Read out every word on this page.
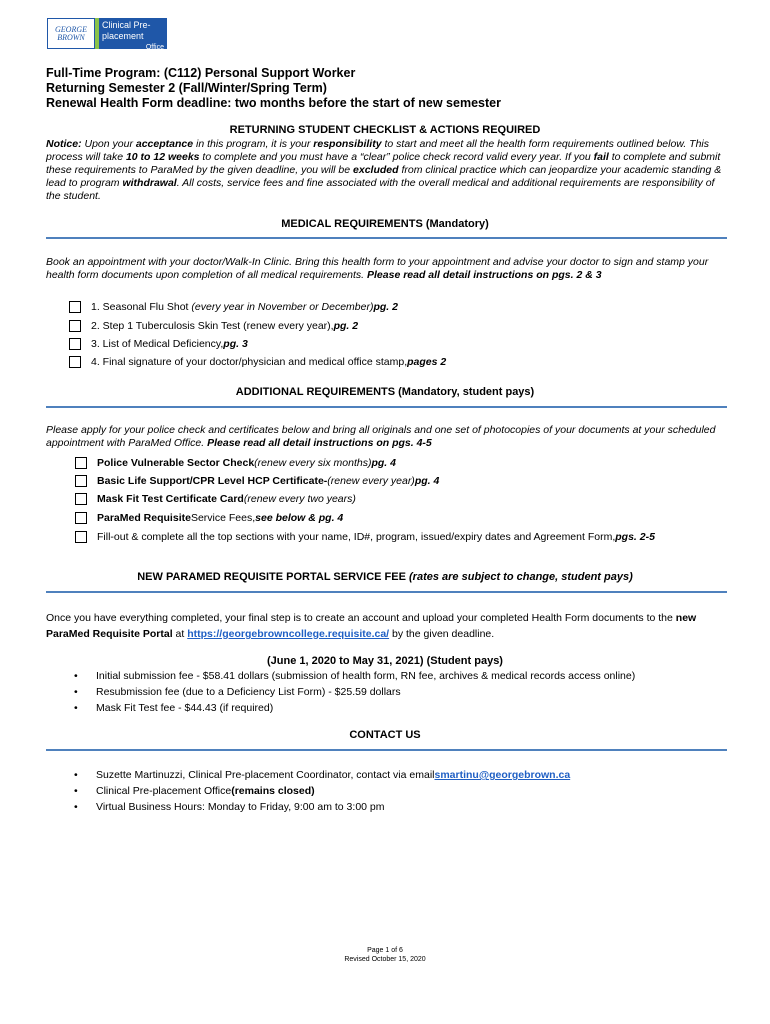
GEORGE BROWN
Clinical Pre-placement
Office
Full-Time Program: (C112) Personal Support Worker
Returning Semester 2 (Fall/Winter/Spring Term)
Renewal Health Form deadline: two months before the start of new semester
RETURNING STUDENT CHECKLIST & ACTIONS REQUIRED
Notice: Upon your acceptance in this program, it is your responsibility to start and meet all the health form requirements outlined below. This process will take 10 to 12 weeks to complete and you must have a “clear” police check record valid every year. If you fail to complete and submit these requirements to ParaMed by the given deadline, you will be excluded from clinical practice which can jeopardize your academic standing & lead to program withdrawal. All costs, service fees and fine associated with the overall medical and additional requirements are responsibility of the student.
MEDICAL REQUIREMENTS (Mandatory)
Book an appointment with your doctor/Walk-In Clinic. Bring this health form to your appointment and advise your doctor to sign and stamp your health form documents upon completion of all medical requirements. Please read all detail instructions on pgs. 2 & 3
1. Seasonal Flu Shot
(every year in November or December) pg. 2
2. Step 1 Tuberculosis Skin Test (renew every year), pg. 2
3. List of Medical Deficiency, pg. 3
4. Final signature of your doctor/physician and medical office stamp, pages 2
ADDITIONAL REQUIREMENTS (Mandatory, student pays)
Please apply for your police check and certificates below and bring all originals and one set of photocopies of your documents at your scheduled appointment with ParaMed Office. Please read all detail instructions on pgs. 4-5
Police Vulnerable Sector Check (renew every six months) pg. 4
Basic Life Support/CPR Level HCP Certificate- (renew every year) pg. 4
Mask Fit Test Certificate Card (renew every two years)
ParaMed Requisite Service Fees, see below & pg. 4
Fill-out & complete all the top sections with your name, ID#, program, issued/expiry dates and Agreement Form, pgs. 2-5
NEW PARAMED REQUISITE PORTAL SERVICE FEE (rates are subject to change, student pays)
Once you have everything completed, your final step is to create an account and upload your completed Health Form documents to the new ParaMed Requisite Portal at https://georgebrowncollege.requisite.ca/ by the given deadline.
(June 1, 2020 to May 31, 2021) (Student pays)
•	Initial submission fee - $58.41 dollars (submission of health form, RN fee, archives & medical records access online)
•	Resubmission fee (due to a Deficiency List Form) - $25.59 dollars
•	Mask Fit Test fee - $44.43 (if required)
CONTACT US
•	Suzette Martinuzzi, Clinical Pre-placement Coordinator, contact via email smartinu@georgebrown.ca
•	Clinical Pre-placement Office (remains closed)
•	Virtual Business Hours: Monday to Friday, 9:00 am to 3:00 pm
Page 1 of 6
Revised October 15, 2020
